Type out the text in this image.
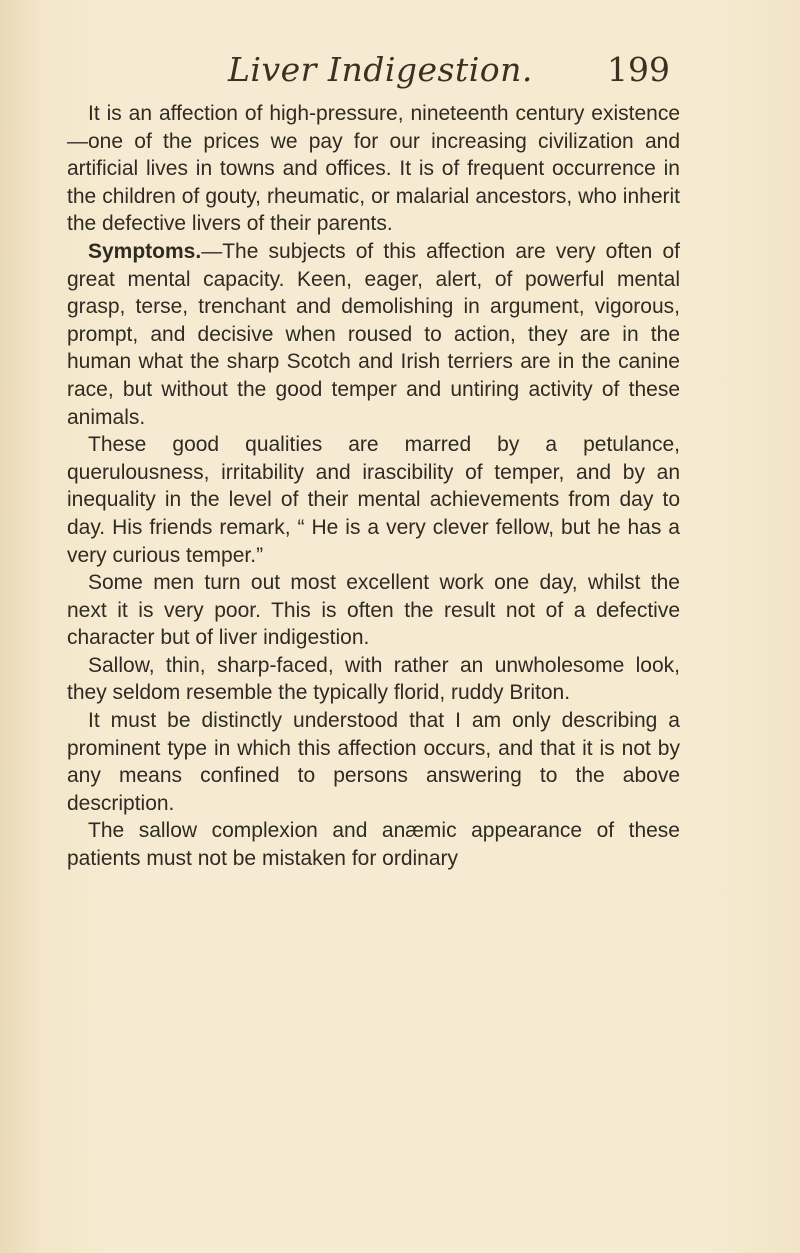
Liver Indigestion. 199

It is an affection of high-pressure, nineteenth century existence—one of the prices we pay for our increasing civilization and artificial lives in towns and offices. It is of frequent occurrence in the children of gouty, rheumatic, or malarial ancestors, who inherit the defective livers of their parents.

Symptoms.—The subjects of this affection are very often of great mental capacity. Keen, eager, alert, of powerful mental grasp, terse, trenchant and demolishing in argument, vigorous, prompt, and decisive when roused to action, they are in the human what the sharp Scotch and Irish terriers are in the canine race, but without the good temper and untiring activity of these animals.

These good qualities are marred by a petulance, querulousness, irritability and irascibility of temper, and by an inequality in the level of their mental achievements from day to day. His friends remark, “ He is a very clever fellow, but he has a very curious temper.”

Some men turn out most excellent work one day, whilst the next it is very poor. This is often the result not of a defective character but of liver indigestion.

Sallow, thin, sharp-faced, with rather an unwholesome look, they seldom resemble the typically florid, ruddy Briton.

It must be distinctly understood that I am only describing a prominent type in which this affection occurs, and that it is not by any means confined to persons answering to the above description.

The sallow complexion and anæmic appearance of these patients must not be mistaken for ordinary
